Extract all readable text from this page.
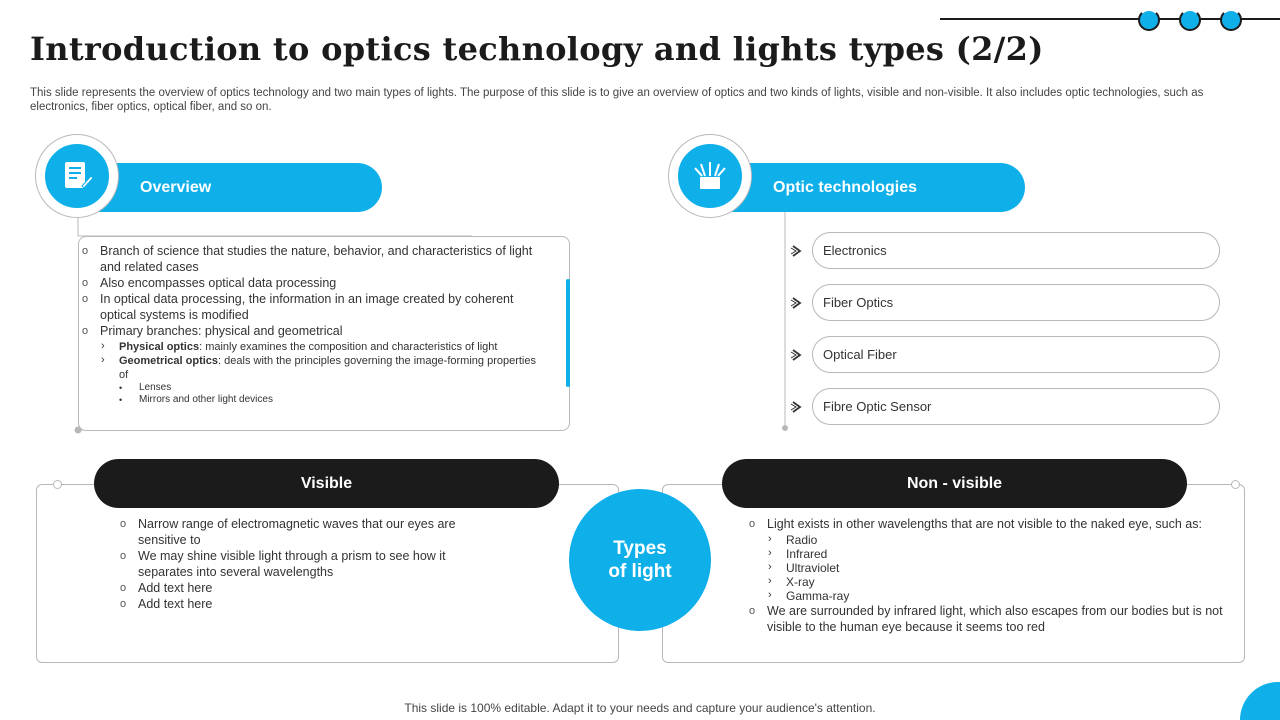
Introduction to optics technology and lights types (2/2)
This slide represents the overview of optics technology and two main types of lights. The purpose of this slide is to give an overview of optics and two kinds of lights, visible and non-visible. It also includes optic technologies, such as electronics, fiber optics, optical fiber, and so on.
Overview
o Branch of science that studies the nature, behavior, and characteristics of light and related cases
o Also encompasses optical data processing
o In optical data processing, the information in an image created by coherent optical systems is modified
o Primary branches: physical and geometrical
› Physical optics: mainly examines the composition and characteristics of light
› Geometrical optics: deals with the principles governing the image-forming properties of
• Lenses
• Mirrors and other light devices
Optic technologies
Electronics
Fiber Optics
Optical Fiber
Fibre Optic Sensor
Visible
o Narrow range of electromagnetic waves that our eyes are sensitive to
o We may shine visible light through a prism to see how it separates into several wavelengths
o Add text here
o Add text here
Non - visible
o Light exists in other wavelengths that are not visible to the naked eye, such as:
› Radio
› Infrared
› Ultraviolet
› X-ray
› Gamma-ray
o We are surrounded by infrared light, which also escapes from our bodies but is not visible to the human eye because it seems too red
Types
of light
This slide is 100% editable. Adapt it to your needs and capture your audience's attention.
